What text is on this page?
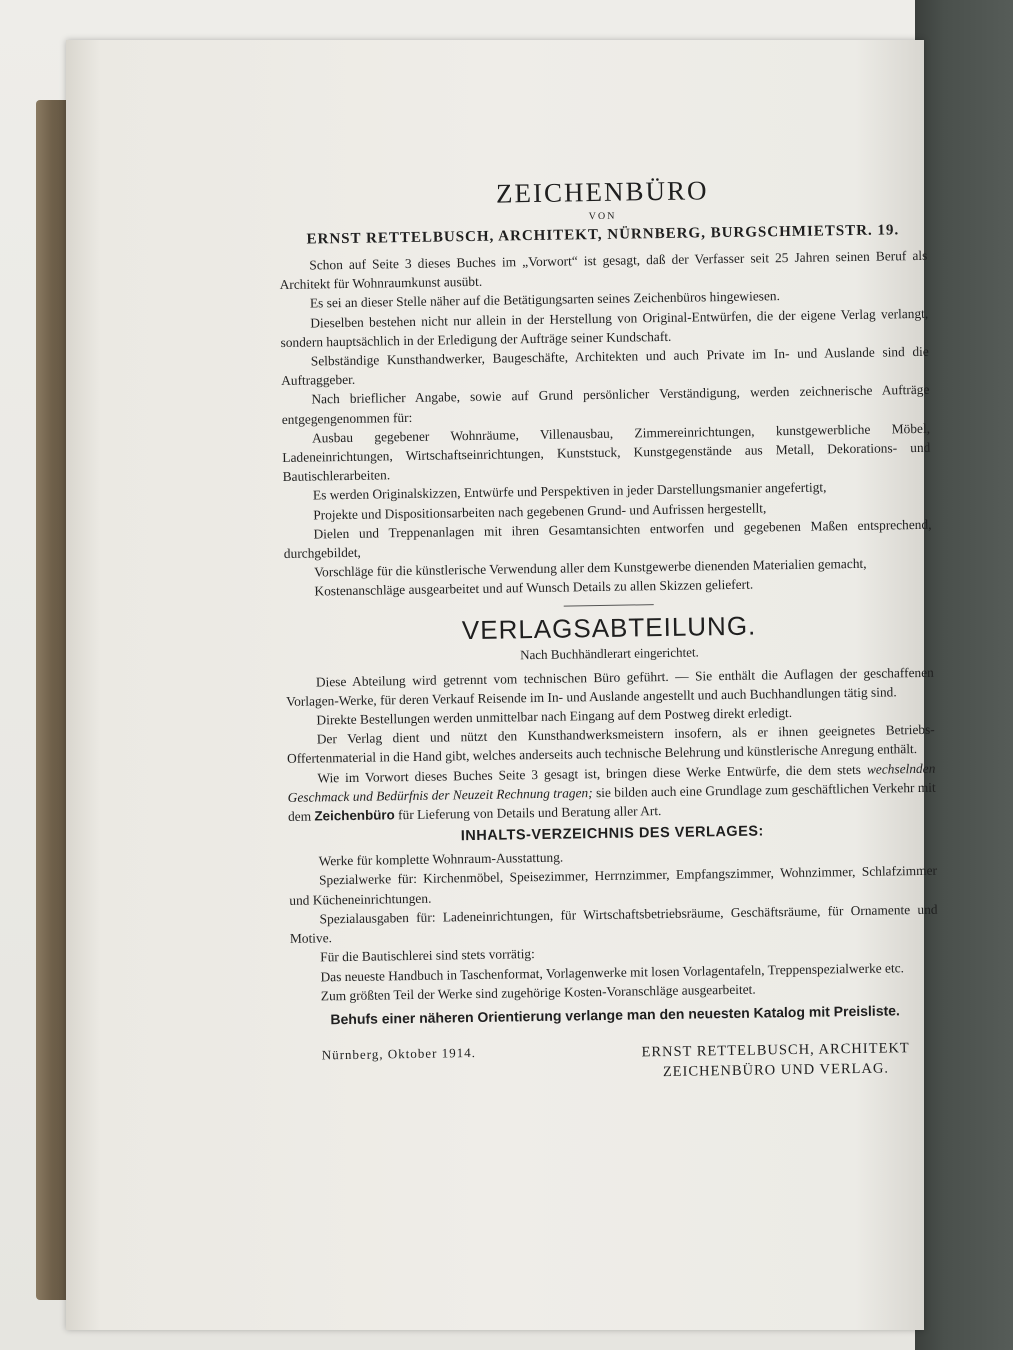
ZEICHENBÜRO
VON
ERNST RETTELBUSCH, ARCHITEKT, NÜRNBERG, BURGSCHMIETSTR. 19.

Schon auf Seite 3 dieses Buches im „Vorwort“ ist gesagt, daß der Verfasser seit 25 Jahren seinen Beruf als Architekt für Wohnraumkunst ausübt.

Es sei an dieser Stelle näher auf die Betätigungsarten seines Zeichenbüros hingewiesen.

Dieselben bestehen nicht nur allein in der Herstellung von Original-Entwürfen, die der eigene Verlag verlangt, sondern hauptsächlich in der Erledigung der Aufträge seiner Kundschaft.

Selbständige Kunsthandwerker, Baugeschäfte, Architekten und auch Private im In- und Auslande sind die Auftraggeber.

Nach brieflicher Angabe, sowie auf Grund persönlicher Verständigung, werden zeichnerische Aufträge entgegengenommen für:

Ausbau gegebener Wohnräume, Villenausbau, Zimmereinrichtungen, kunstgewerbliche Möbel, Ladeneinrichtungen, Wirtschaftseinrichtungen, Kunststuck, Kunstgegenstände aus Metall, Dekorations- und Bautischlerarbeiten.

Es werden Originalskizzen, Entwürfe und Perspektiven in jeder Darstellungsmanier angefertigt,

Projekte und Dispositionsarbeiten nach gegebenen Grund- und Aufrissen hergestellt,

Dielen und Treppenanlagen mit ihren Gesamtansichten entworfen und gegebenen Maßen entsprechend, durchgebildet,

Vorschläge für die künstlerische Verwendung aller dem Kunstgewerbe dienenden Materialien gemacht,

Kostenanschläge ausgearbeitet und auf Wunsch Details zu allen Skizzen geliefert.

VERLAGSABTEILUNG.
Nach Buchhändlerart eingerichtet.

Diese Abteilung wird getrennt vom technischen Büro geführt. — Sie enthält die Auflagen der geschaffenen Vorlagen-Werke, für deren Verkauf Reisende im In- und Auslande angestellt und auch Buchhandlungen tätig sind.

Direkte Bestellungen werden unmittelbar nach Eingang auf dem Postweg direkt erledigt.

Der Verlag dient und nützt den Kunsthandwerksmeistern insofern, als er ihnen geeignetes Betriebs-Offertenmaterial in die Hand gibt, welches anderseits auch technische Belehrung und künstlerische Anregung enthält.

Wie im Vorwort dieses Buches Seite 3 gesagt ist, bringen diese Werke Entwürfe, die dem stets wechselnden Geschmack und Bedürfnis der Neuzeit Rechnung tragen; sie bilden auch eine Grundlage zum geschäftlichen Verkehr mit dem Zeichenbüro für Lieferung von Details und Beratung aller Art.

INHALTS-VERZEICHNIS DES VERLAGES:

Werke für komplette Wohnraum-Ausstattung.

Spezialwerke für: Kirchenmöbel, Speisezimmer, Herrnzimmer, Empfangszimmer, Wohnzimmer, Schlafzimmer und Kücheneinrichtungen.

Spezialausgaben für: Ladeneinrichtungen, für Wirtschaftsbetriebsräume, Geschäftsräume, für Ornamente und Motive.

Für die Bautischlerei sind stets vorrätig:

Das neueste Handbuch in Taschenformat, Vorlagenwerke mit losen Vorlagentafeln, Treppenspezialwerke etc.

Zum größten Teil der Werke sind zugehörige Kosten-Voranschläge ausgearbeitet.

Behufs einer näheren Orientierung verlange man den neuesten Katalog mit Preisliste.
Nürnberg, Oktober 1914.	ERNST RETTELBUSCH, ARCHITEKT
ZEICHENBÜRO UND VERLAG.
